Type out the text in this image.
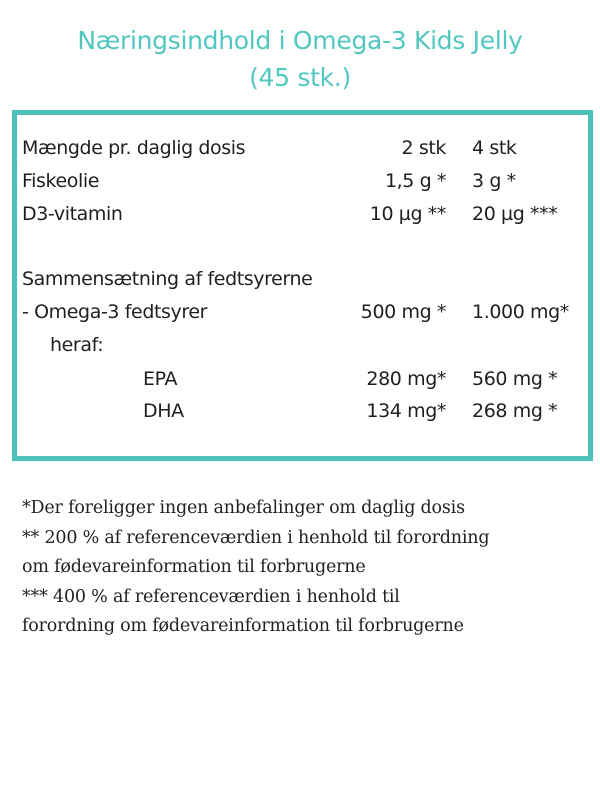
Næringsindhold i Omega-3 Kids Jelly
(45 stk.)
Mængde pr. daglig dosis	2 stk 4 stk
Fiskeolie	1,5 g * 3 g *
D3-vitamin	10 µg ** 20 µg ***
Sammensætning af fedtsyrerne
- Omega-3 fedtsyrer	500 mg * 1.000 mg*
heraf:
EPA	280 mg* 560 mg *
DHA	134 mg* 268 mg *
*Der foreligger ingen anbefalinger om daglig dosis
** 200 % af referenceværdien i henhold til forordning om fødevareinformation til forbrugerne
*** 400 % af referenceværdien i henhold til forordning om fødevareinformation til forbrugerne
